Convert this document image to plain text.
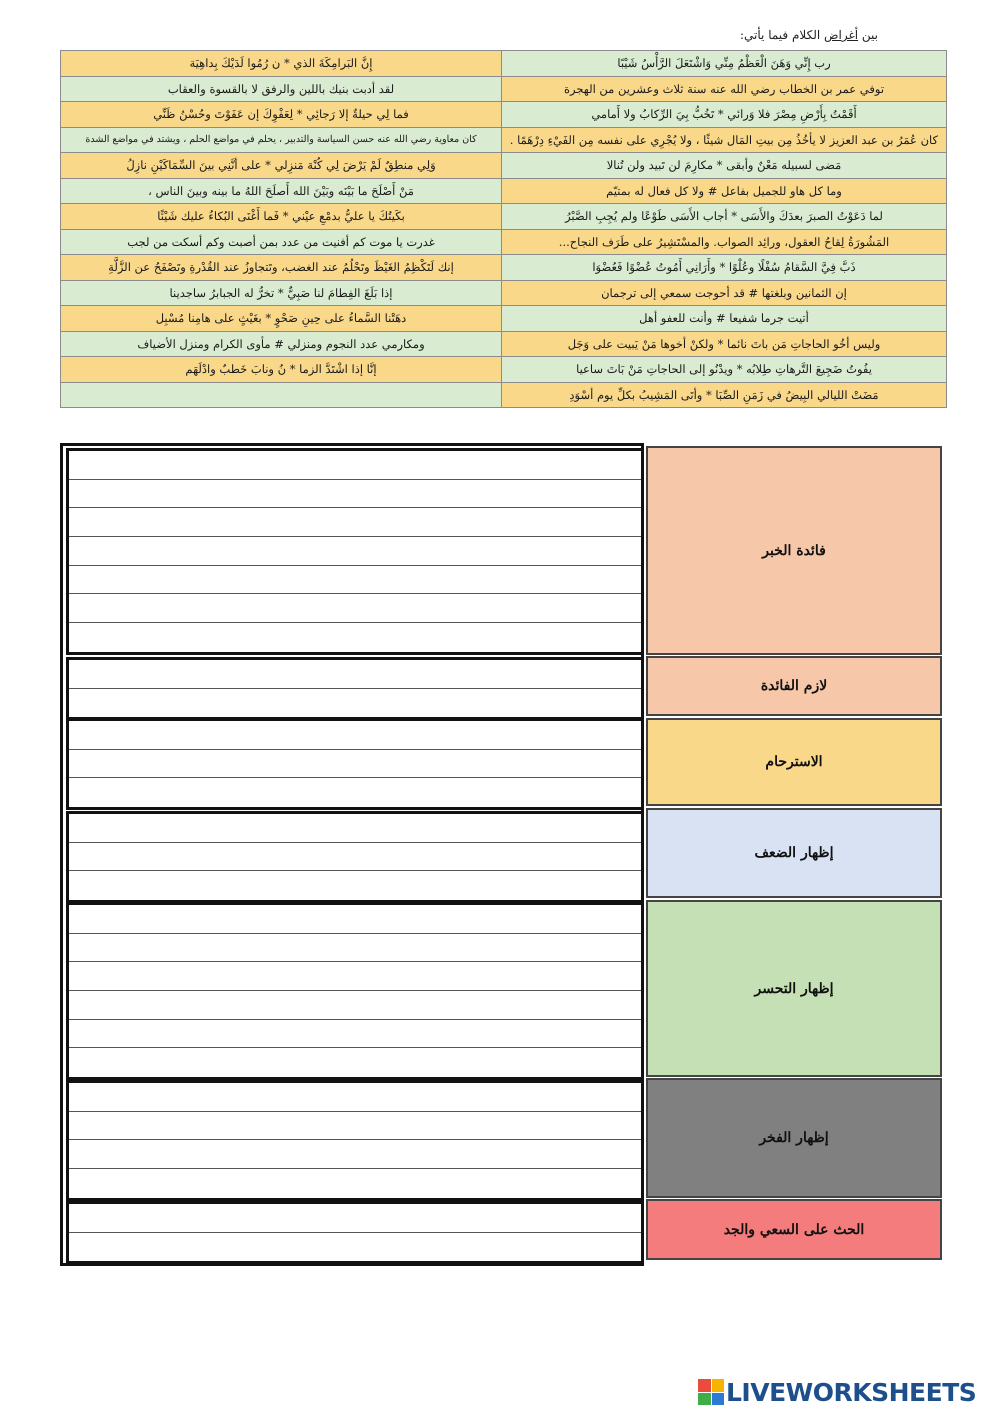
بين أغراض الكلام فيما يأتي:
إِنَّ البَرامِكَةَ الذي * ن رُمُوا لَدَيْكَ بِداهِيَة	رب إِنِّي وَهَنَ الْعَظْمُ مِنِّي وَاشْتَعَلَ الرَّأْسُ شَيْبًا
لقد أدبت بنيك باللين والرفق لا بالقسوة والعقاب	توفي عمر بن الخطاب رضي الله عنه سنة ثلاث وعشرين من الهجرة
فما لِي حيلةٌ إلا رَجائِي * لِعَفْوِكَ إن عَفَوْتَ وحُسْنُ ظَنِّي	أَقَمْتُ بِأَرْضِ مِصْرَ فلا وَرائي * تَخُبُّ بِيَ الرِّكابُ ولا أَمامي
كان معاوية رضي الله عنه حسن السياسة والتدبير ، يحلم في مواضع الحلم ، ويشتد في مواضع الشدة	كان عُمَرُ بن عبد العزيز لا يأخُذُ مِن بيتِ المَال شيئًا ، ولا يُجْرِي على نفسه مِن الفَيْءِ دِرْهَمًا .
وَلِي منطِقٌ لَمْ يَرْضَ لِي كُنْهَ مَنزِلي * على أنَّنِي بينَ السِّمَاكَيْنِ نازِلُ	مَضى لسبيله مَعْنٌ وأبقى * مكارِمَ لن تَبيد ولن تُنالا
مَنْ أَصْلَحَ ما بَيْنَه وبَيْنَ الله أَصلَحَ اللهُ ما بينه وبينَ الناس ،	وما كل هاو للجميل بفاعل # ولا كل فعال له بمتيّم
بكَيتُكَ يا عليُّ بدمْعِ عيْني * فَما أَغْنَى البُكاءُ عليك شَيْئًا	لما دَعَوْتُ الصبرَ بعدَكَ والأَسَى * أجاب الأَسَى طَوْعًا ولم يُجِبِ الصَّبْرُ
غدرت يا موت كم أفنيت من عدد بمن أصبت وكم أسكت من لجب	المَشُورَةُ لِقاحُ العقول، ورائِد الصواب. والمسْتَشِيرُ على طَرَف النجاح...
إنك لَتَكْظِمُ الغَيْظَ وتَحْلُمُ عند الغضب، وتَتجاوزُ عند القُدْرةِ وتَصْفَحُ عن الزَّلَّةِ	ذَبَّ فِيَّ السَّقامُ سُفْلًا وعُلْوًا * وأَرَانِي أَمُوتُ عُضْوًا فَعُضْوَا
إذا بَلَغَ الفِطامَ لنا صَبِيٌّ * تخرُّ له الجبابرُ ساجدينا	إن الثمانين وبلغتها # قد أحوجت سمعي إلى ترجمان
دهَتْنا السَّماءُ على حِينِ صَحْوٍ * بغَيْثٍ على هامِنا مُسْبِل	أتيت جرما شفيعا # وأنت للعفو أهل
ومكارمي عدد النجوم ومنزلي # مأوى الكرام ومنزل الأضياف	وليس أخُو الحاجاتِ مَن باتَ نائما * ولكنْ أخوها مَنْ يَبيت على وَجَل
إنَّا إذا اشْتَدَّ الزما * نُ ونابَ خَطبٌ وادْلَهَم	يفُوتُ ضَجِيعَ التَّرهاتِ طِلابُه * ويدْنُو إلى الحاجاتِ مَنْ بَاتَ ساعيا
	مَضَتْ الليالي البِيضُ في زَمَنِ الصِّبَا * وأتَى المَشِيبُ بكلِّ يوم أسْوَدِ
فائدة الخبر
لازم الفائدة
الاسترحام
إظهار الضعف
إظهار التحسر
إظهار الفخر
الحث على السعي والجد
LIVEWORKSHEETS
